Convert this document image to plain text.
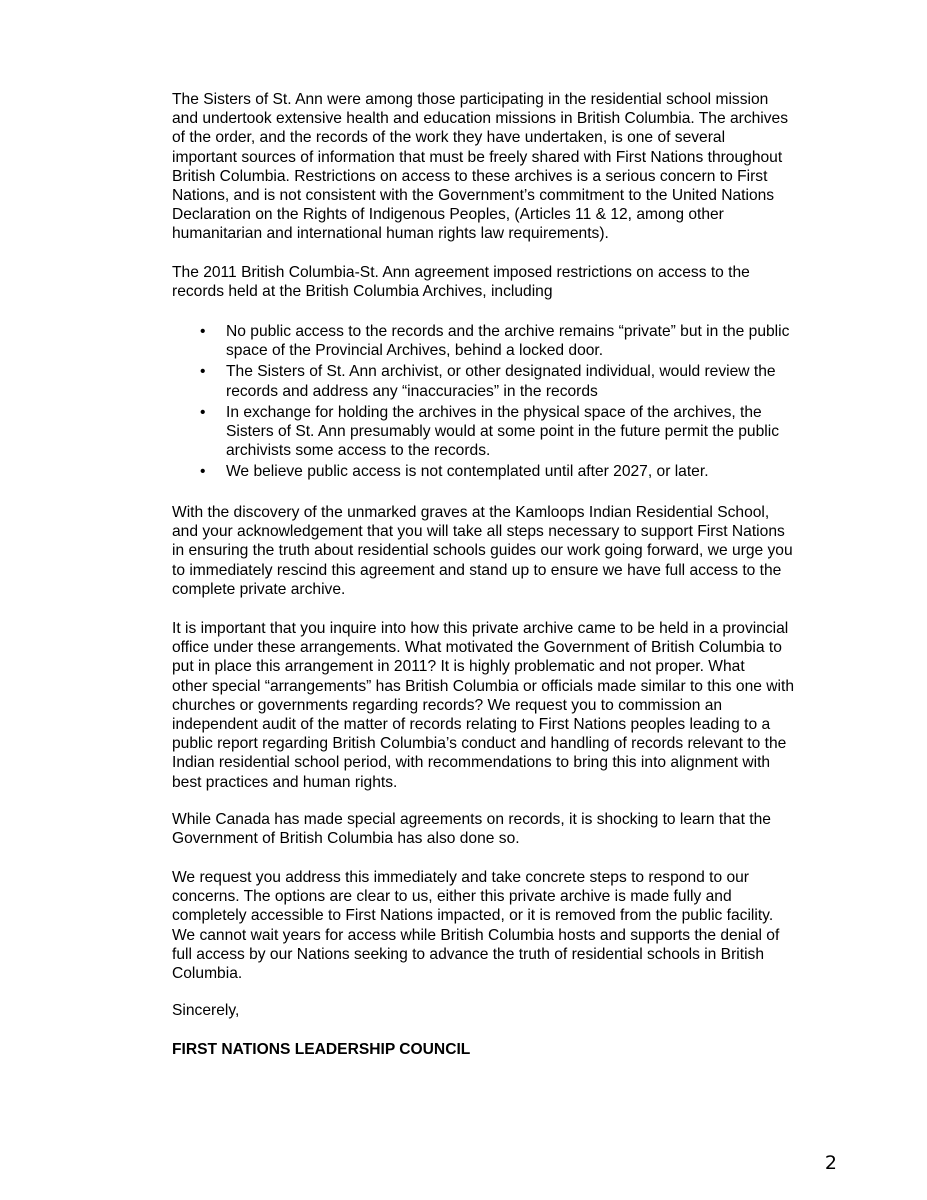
The Sisters of St. Ann were among those participating in the residential school mission
and undertook extensive health and education missions in British Columbia. The archives
of the order, and the records of the work they have undertaken, is one of several
important sources of information that must be freely shared with First Nations throughout
British Columbia. Restrictions on access to these archives is a serious concern to First
Nations, and is not consistent with the Government’s commitment to the United Nations
Declaration on the Rights of Indigenous Peoples, (Articles 11 & 12, among other
humanitarian and international human rights law requirements).

The 2011 British Columbia-St. Ann agreement imposed restrictions on access to the
records held at the British Columbia Archives, including

• No public access to the records and the archive remains “private” but in the public
space of the Provincial Archives, behind a locked door.
• The Sisters of St. Ann archivist, or other designated individual, would review the
records and address any “inaccuracies” in the records
• In exchange for holding the archives in the physical space of the archives, the
Sisters of St. Ann presumably would at some point in the future permit the public
archivists some access to the records.
• We believe public access is not contemplated until after 2027, or later.

With the discovery of the unmarked graves at the Kamloops Indian Residential School,
and your acknowledgement that you will take all steps necessary to support First Nations
in ensuring the truth about residential schools guides our work going forward, we urge you
to immediately rescind this agreement and stand up to ensure we have full access to the
complete private archive.

It is important that you inquire into how this private archive came to be held in a provincial
office under these arrangements. What motivated the Government of British Columbia to
put in place this arrangement in 2011? It is highly problematic and not proper. What
other special “arrangements” has British Columbia or officials made similar to this one with
churches or governments regarding records? We request you to commission an
independent audit of the matter of records relating to First Nations peoples leading to a
public report regarding British Columbia’s conduct and handling of records relevant to the
Indian residential school period, with recommendations to bring this into alignment with
best practices and human rights.

While Canada has made special agreements on records, it is shocking to learn that the
Government of British Columbia has also done so.

We request you address this immediately and take concrete steps to respond to our
concerns. The options are clear to us, either this private archive is made fully and
completely accessible to First Nations impacted, or it is removed from the public facility.
We cannot wait years for access while British Columbia hosts and supports the denial of
full access by our Nations seeking to advance the truth of residential schools in British
Columbia.

Sincerely,
FIRST NATIONS LEADERSHIP COUNCIL
2
